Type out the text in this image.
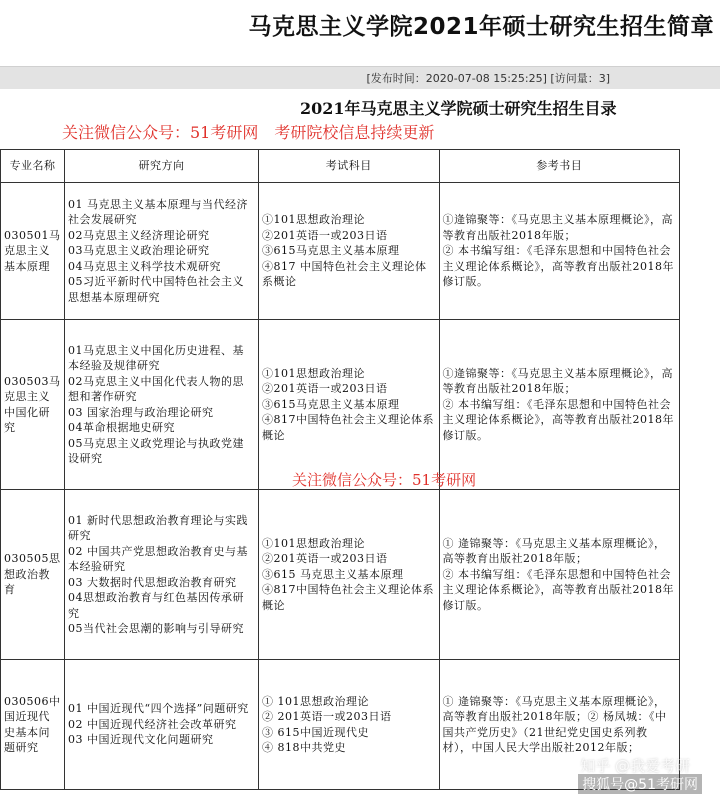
马克思主义学院2021年硕士研究生招生简章
[发布时间：2020-07-08 15:25:25] [访问量：3]
2021年马克思主义学院硕士研究生招生目录
关注微信公众号：51考研网　考研院校信息持续更新
关注微信公众号：51考研网
专业名称	研究方向	考试科目	参考书目
030501马克思主义基本原理	01 马克思主义基本原理与当代经济社会发展研究
02马克思主义经济理论研究
03马克思主义政治理论研究
04马克思主义科学技术观研究
05习近平新时代中国特色社会主义思想基本原理研究	①101思想政治理论
②201英语一或203日语
③615马克思主义基本原理
④817 中国特色社会主义理论体系概论	①逄锦聚等：《马克思主义基本原理概论》，高等教育出版社2018年版；
② 本书编写组：《毛泽东思想和中国特色社会主义理论体系概论》，高等教育出版社2018年修订版。

030503马克思主义中国化研究	01马克思主义中国化历史进程、基本经验及规律研究
02马克思主义中国化代表人物的思想和著作研究
03 国家治理与政治理论研究
04革命根据地史研究
05马克思主义政党理论与执政党建设研究	①101思想政治理论
②201英语一或203日语
③615马克思主义基本原理
④817中国特色社会主义理论体系概论	①逄锦聚等：《马克思主义基本原理概论》，高等教育出版社2018年版；
② 本书编写组：《毛泽东思想和中国特色社会主义理论体系概论》，高等教育出版社2018年修订版。

030505思想政治教育	01 新时代思想政治教育理论与实践研究
02 中国共产党思想政治教育史与基本经验研究
03 大数据时代思想政治教育研究
04思想政治教育与红色基因传承研究
05当代社会思潮的影响与引导研究	①101思想政治理论
②201英语一或203日语
③615 马克思主义基本原理
④817中国特色社会主义理论体系概论	① 逄锦聚等：《马克思主义基本原理概论》，高等教育出版社2018年版；
② 本书编写组：《毛泽东思想和中国特色社会主义理论体系概论》，高等教育出版社2018年修订版。

030506中国近现代史基本问题研究	01 中国近现代“四个选择”问题研究
02 中国近现代经济社会改革研究
03 中国近现代文化问题研究	① 101思想政治理论
② 201英语一或203日语
③ 615中国近现代史
④ 818中共党史	① 逄锦聚等：《马克思主义基本原理概论》，高等教育出版社2018年版；② 杨凤城：《中国共产党历史》（21世纪党史国史系列教材），中国人民大学出版社2012年版；
知乎 @我爱考研
搜狐号@51考研网
